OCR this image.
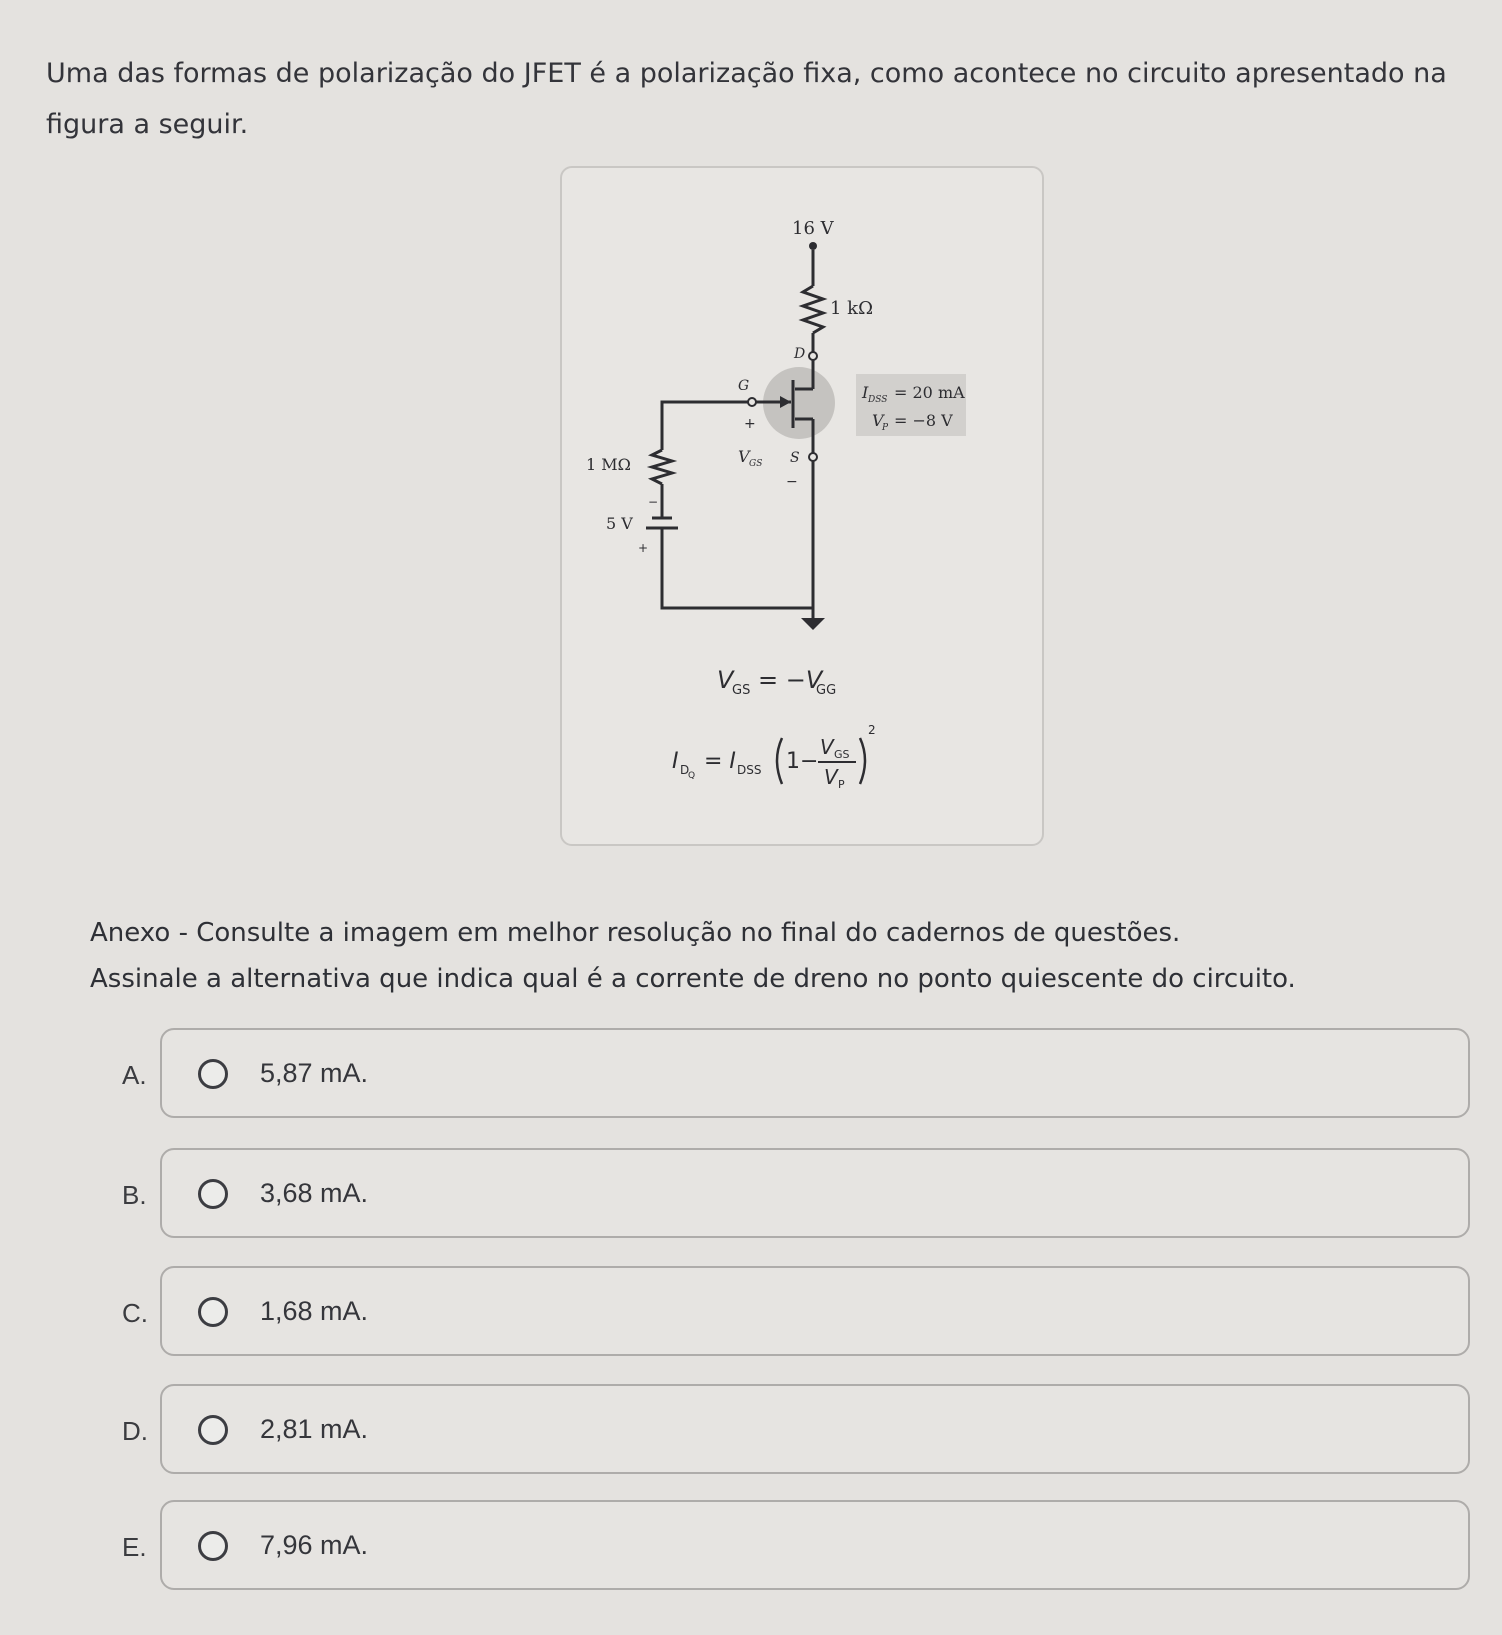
Uma das formas de polarização do JFET é a polarização fixa, como acontece no circuito apresentado na

figura a seguir.

16 V
1 kΩ
D
G
+
I DSS = 20 mA
V
P = −8 V
V GS S
−
1 MΩ
−
5 V
+
V
GS = −V
GG
I D
Q
= I DSS 1−
V GS
V P
2

Anexo - Consulte a imagem em melhor resolução no final do cadernos de questões.

Assinale a alternativa que indica qual é a corrente de dreno no ponto quiescente do circuito.

A.	5,87 mA.
B.	3,68 mA.
C.	1,68 mA.
D.	2,81 mA.
E.	7,96 mA.
